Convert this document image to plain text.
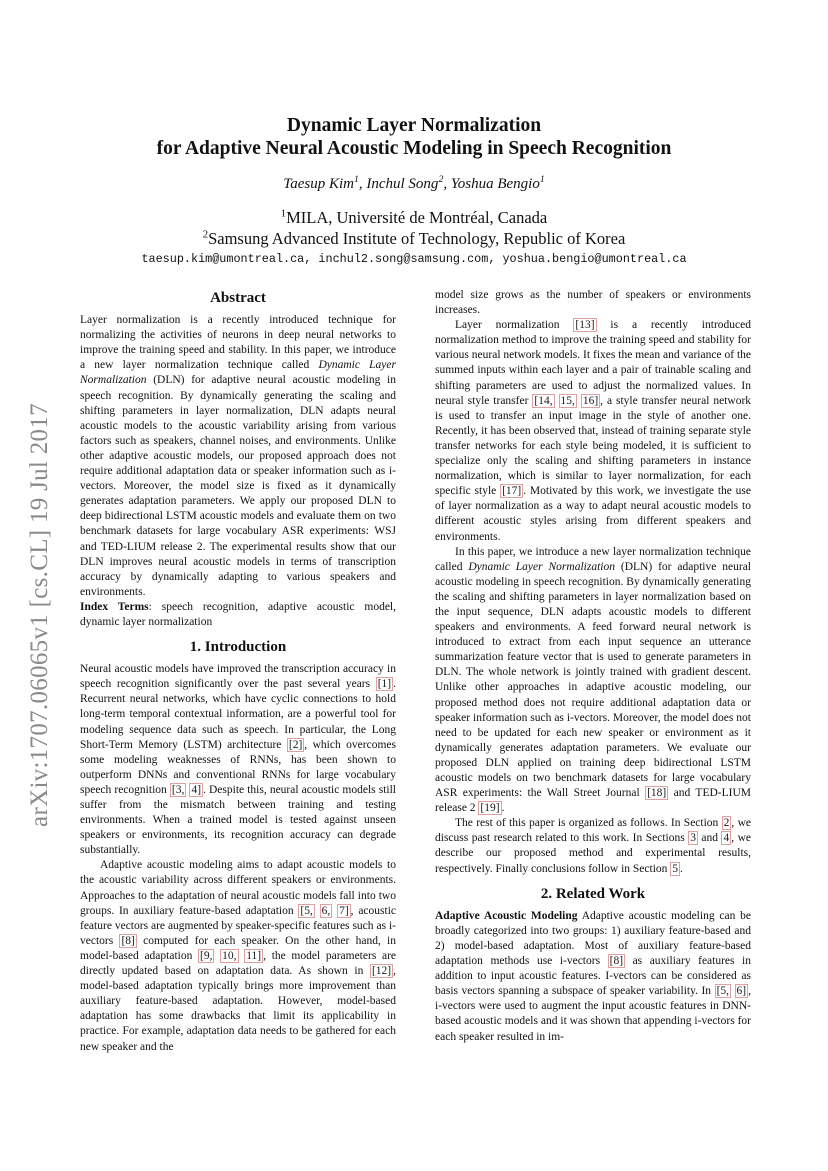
arXiv:1707.06065v1 [cs.CL] 19 Jul 2017
Dynamic Layer Normalization
for Adaptive Neural Acoustic Modeling in Speech Recognition
Taesup Kim$^1$, Inchul Song$^2$, Yoshua Bengio$^1$
$^1$MILA, Université de Montréal, Canada
$^2$Samsung Advanced Institute of Technology, Republic of Korea
taesup.kim@umontreal.ca, inchul2.song@samsung.com, yoshua.bengio@umontreal.ca
Abstract

Layer normalization is a recently introduced technique for normalizing the activities of neurons in deep neural networks to improve the training speed and stability. In this paper, we introduce a new layer normalization technique called Dynamic Layer Normalization (DLN) for adaptive neural acoustic modeling in speech recognition. By dynamically generating the scaling and shifting parameters in layer normalization, DLN adapts neural acoustic models to the acoustic variability arising from various factors such as speakers, channel noises, and environments. Unlike other adaptive acoustic models, our proposed approach does not require additional adaptation data or speaker information such as i-vectors. Moreover, the model size is fixed as it dynamically generates adaptation parameters. We apply our proposed DLN to deep bidirectional LSTM acoustic models and evaluate them on two benchmark datasets for large vocabulary ASR experiments: WSJ and TED-LIUM release 2. The experimental results show that our DLN improves neural acoustic models in terms of transcription accuracy by dynamically adapting to various speakers and environments.

Index Terms: speech recognition, adaptive acoustic model, dynamic layer normalization

1. Introduction

Neural acoustic models have improved the transcription accuracy in speech recognition significantly over the past several years [1] . Recurrent neural networks, which have cyclic connections to hold long-term temporal contextual information, are a powerful tool for modeling sequence data such as speech. In particular, the Long Short-Term Memory (LSTM) architecture [2] , which overcomes some modeling weaknesses of RNNs, has been shown to outperform DNNs and conventional RNNs for large vocabulary speech recognition [3, 4] . Despite this, neural acoustic models still suffer from the mismatch between training and testing environments. When a trained model is tested against unseen speakers or environments, its recognition accuracy can degrade substantially.

Adaptive acoustic modeling aims to adapt acoustic models to the acoustic variability across different speakers or environments. Approaches to the adaptation of neural acoustic models fall into two groups. In auxiliary feature-based adaptation [5, 6, 7] , acoustic feature vectors are augmented by speaker-specific features such as i-vectors [8] computed for each speaker. On the other hand, in model-based adaptation [9, 10, 11] , the model parameters are directly updated based on adaptation data. As shown in [12] , model-based adaptation typically brings more improvement than auxiliary feature-based adaptation. However, model-based adaptation has some drawbacks that limit its applicability in practice. For example, adaptation data needs to be gathered for each new speaker and the

model size grows as the number of speakers or environments increases.

Layer normalization [13] is a recently introduced normalization method to improve the training speed and stability for various neural network models. It fixes the mean and variance of the summed inputs within each layer and a pair of trainable scaling and shifting parameters are used to adjust the normalized values. In neural style transfer [14, 15, 16] , a style transfer neural network is used to transfer an input image in the style of another one. Recently, it has been observed that, instead of training separate style transfer networks for each style being modeled, it is sufficient to specialize only the scaling and shifting parameters in instance normalization, which is similar to layer normalization, for each specific style [17] . Motivated by this work, we investigate the use of layer normalization as a way to adapt neural acoustic models to different acoustic styles arising from different speakers and environments.

In this paper, we introduce a new layer normalization technique called Dynamic Layer Normalization (DLN) for adaptive neural acoustic modeling in speech recognition. By dynamically generating the scaling and shifting parameters in layer normalization based on the input sequence, DLN adapts acoustic models to different speakers and environments. A feed forward neural network is introduced to extract from each input sequence an utterance summarization feature vector that is used to generate parameters in DLN. The whole network is jointly trained with gradient descent. Unlike other approaches in adaptive acoustic modeling, our proposed method does not require additional adaptation data or speaker information such as i-vectors. Moreover, the model does not need to be updated for each new speaker or environment as it dynamically generates adaptation parameters. We evaluate our proposed DLN applied on training deep bidirectional LSTM acoustic models on two benchmark datasets for large vocabulary ASR experiments: the Wall Street Journal [18] and TED-LIUM release 2 [19] .

The rest of this paper is organized as follows. In Section 2 , we discuss past research related to this work. In Sections 3 and 4 , we describe our proposed method and experimental results, respectively. Finally conclusions follow in Section 5 .

2. Related Work

Adaptive Acoustic Modeling Adaptive acoustic modeling can be broadly categorized into two groups: 1) auxiliary feature-based and 2) model-based adaptation. Most of auxiliary feature-based adaptation methods use i-vectors [8] as auxiliary features in addition to input acoustic features. I-vectors can be considered as basis vectors spanning a subspace of speaker variability. In [5, 6] , i-vectors were used to augment the input acoustic features in DNN-based acoustic models and it was shown that appending i-vectors for each speaker resulted in im-
